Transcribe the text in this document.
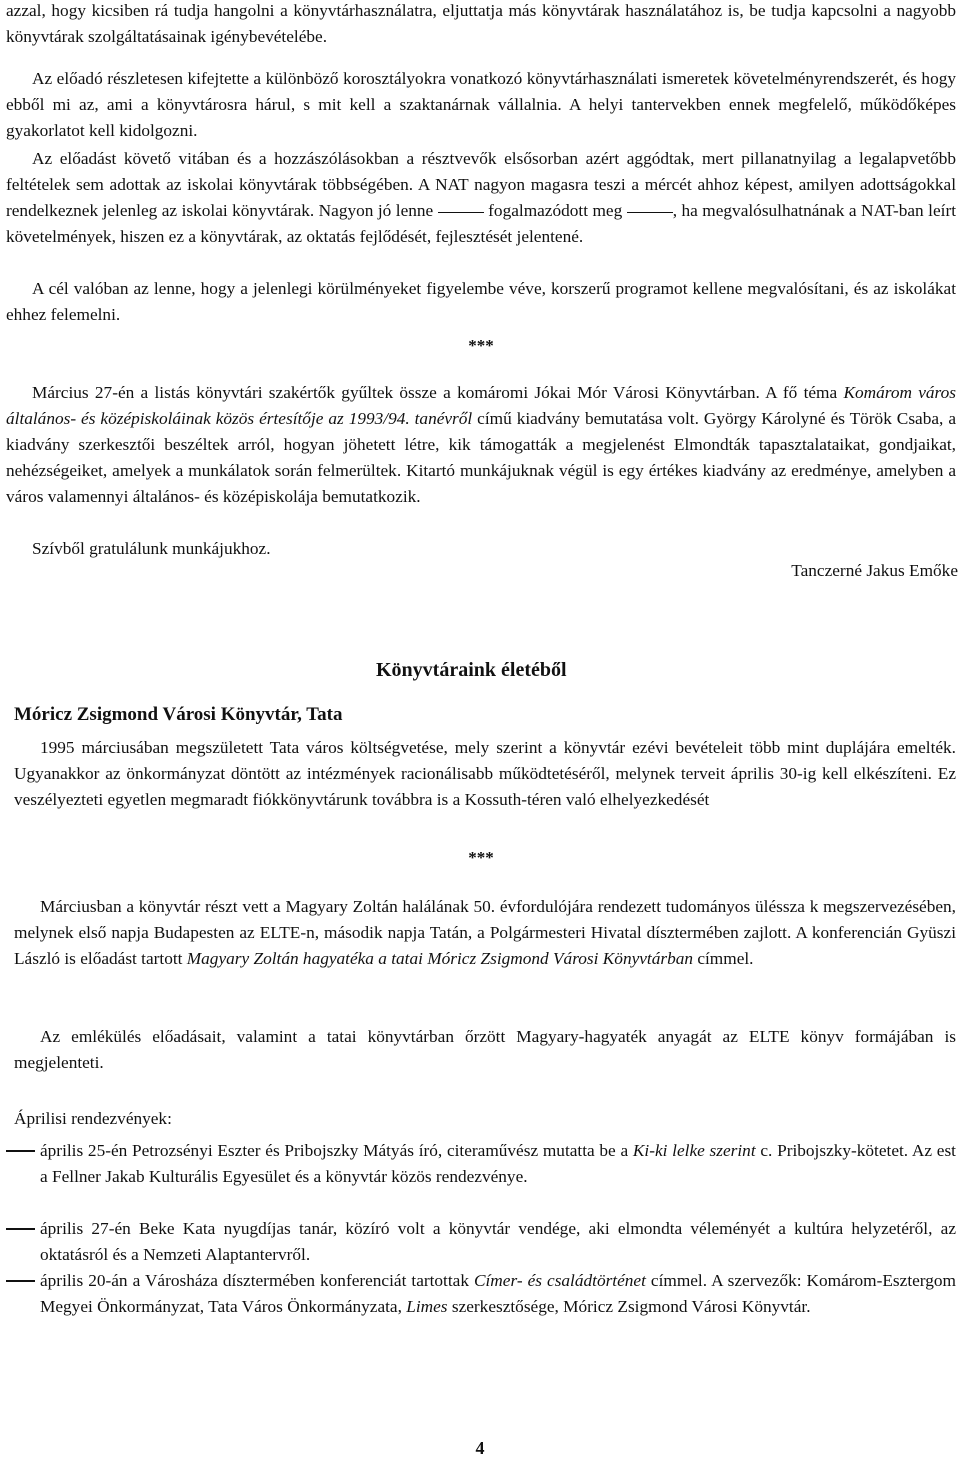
azzal, hogy kicsiben rá tudja hangolni a könyvtárhasználatra, eljuttatja más könyvtárak használatához is, be tudja kapcsolni a nagyobb könyvtárak szolgáltatásainak igénybevételébe.

Az előadó részletesen kifejtette a különböző korosztályokra vonatkozó könyvtárhasználati ismeretek követelményrendszerét, és hogy ebből mi az, ami a könyvtárosra hárul, s mit kell a szaktanárnak vállalnia. A helyi tantervekben ennek megfelelő, működőképes gyakorlatot kell kidolgozni.

Az előadást követő vitában és a hozzászólásokban a résztvevők elsősorban azért aggódtak, mert pillanatnyilag a legalapvetőbb feltételek sem adottak az iskolai könyvtárak többségében. A NAT nagyon magasra teszi a mércét ahhoz képest, amilyen adottságokkal rendelkeznek jelenleg az iskolai könyvtárak. Nagyon jó lenne	fogalmazódott meg	, ha megvalósulhatnának a NAT-ban leírt követelmények, hiszen ez a könyvtárak, az oktatás fejlődését, fejlesztését jelentené.

A cél valóban az lenne, hogy a jelenlegi körülményeket figyelembe véve, korszerű programot kellene megvalósítani, és az iskolákat ehhez felemelni.

***

Március 27-én a listás könyvtári szakértők gyűltek össze a komáromi Jókai Mór Városi Könyvtárban. A fő téma Komárom város általános- és középiskoláinak közös értesítője az 1993/94. tanévről című kiadvány bemutatása volt. György Károlyné és Török Csaba, a kiadvány szerkesztői beszéltek arról, hogyan jöhetett létre, kik támogatták a megjelenést Elmondták tapasztalataikat, gondjaikat, nehézségeiket, amelyek a munkálatok során felmerültek. Kitartó munkájuknak végül is egy értékes kiadvány az eredménye, amelyben a város valamennyi általános- és középiskolája bemutatkozik.

Szívből gratulálunk munkájukhoz.

Tanczerné Jakus Emőke
Könyvtáraink életéből
Móricz Zsigmond Városi Könyvtár, Tata

1995 márciusában megszületett Tata város költségvetése, mely szerint a könyvtár ezévi bevételeit több mint duplájára emelték. Ugyanakkor az önkormányzat döntött az intézmények racionálisabb működtetéséről, melynek terveit április 30-ig kell elkészíteni. Ez veszélyezteti egyetlen megmaradt fiókkönyvtárunk továbbra is a Kossuth-téren való elhelyezkedését

***

Márciusban a könyvtár részt vett a Magyary Zoltán halálának 50. évfordulójára rendezett tudományos üléssza k megszervezésében, melynek első napja Budapesten az ELTE-n, második napja Tatán, a Polgármesteri Hivatal dísztermében zajlott. A konferencián Gyüszi László is előadást tartott Magyary Zoltán hagyatéka a tatai Móricz Zsigmond Városi Könyvtárban címmel.

Az emlékülés előadásait, valamint a tatai könyvtárban őrzött Magyary-hagyaték anyagát az ELTE könyv formájában is megjelenteti.

Áprilisi rendezvények:
április 25-én Petrozsényi Eszter és Pribojszky Mátyás író, citeraművész mutatta be a Ki-ki lelke szerint c. Pribojszky-kötetet. Az est a Fellner Jakab Kulturális Egyesület és a könyvtár közös rendezvénye.
április 27-én Beke Kata nyugdíjas tanár, közíró volt a könyvtár vendége, aki elmondta véleményét a kultúra helyzetéről, az oktatásról és a Nemzeti Alaptantervről.
április 20-án a Városháza dísztermében konferenciát tartottak Címer- és családtörténet címmel. A szervezők: Komárom-Esztergom Megyei Önkormányzat, Tata Város Önkormányzata, Limes szerkesztősége, Móricz Zsigmond Városi Könyvtár.
4
